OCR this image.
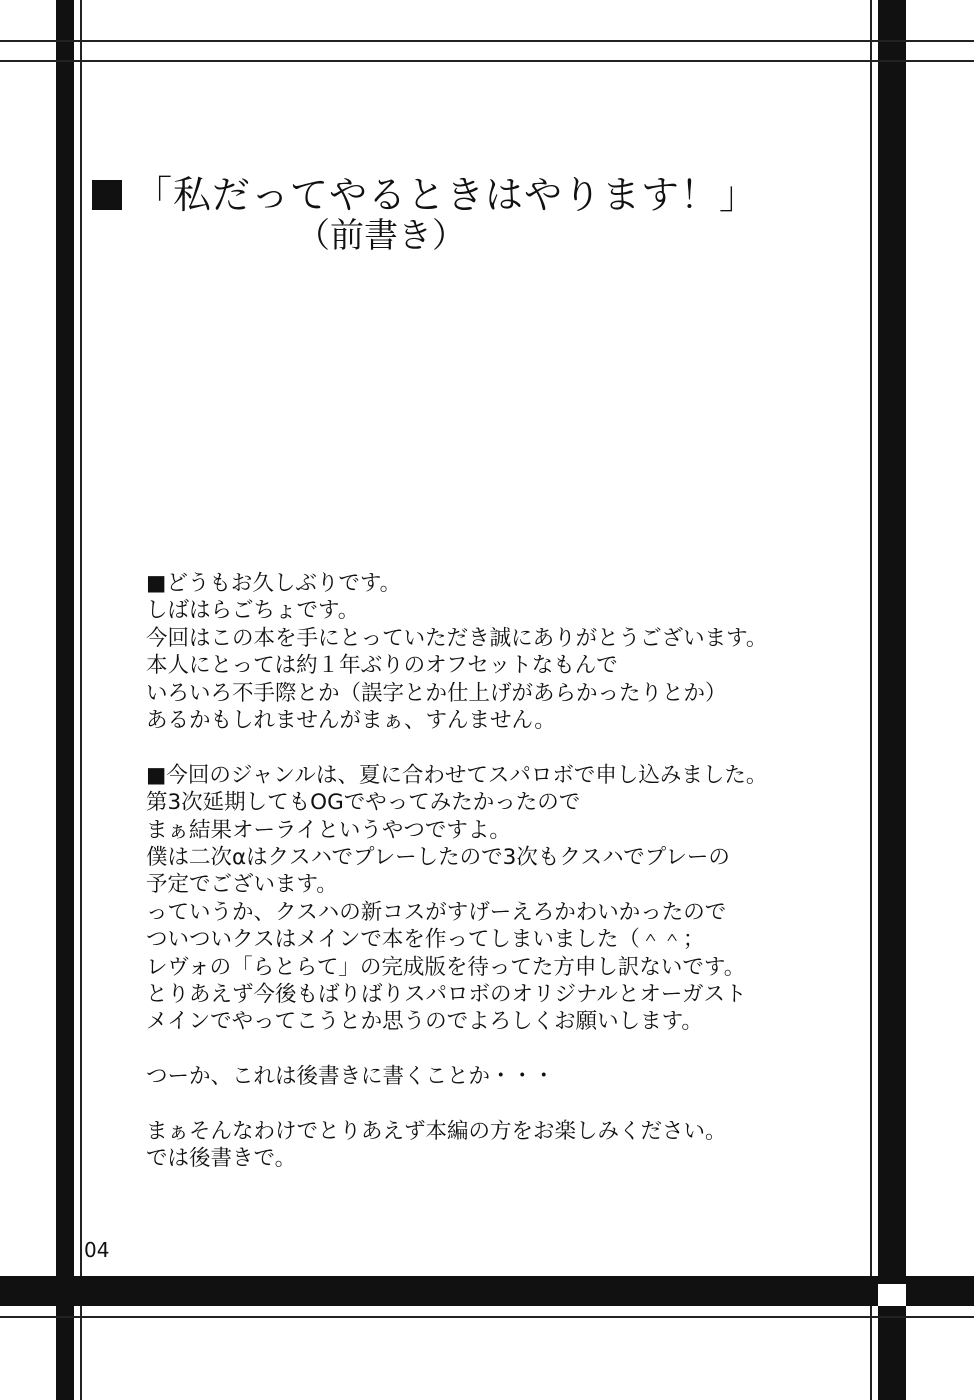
「私だってやるときはやります！」
（前書き）

■どうもお久しぶりです。

しばはらごちょです。

今回はこの本を手にとっていただき誠にありがとうございます。

本人にとっては約１年ぶりのオフセットなもんで

いろいろ不手際とか（誤字とか仕上げがあらかったりとか）

あるかもしれませんがまぁ、すんません。

■今回のジャンルは、夏に合わせてスパロボで申し込みました。

第3次延期してもOGでやってみたかったので

まぁ結果オーライというやつですよ。

僕は二次αはクスハでプレーしたので3次もクスハでプレーの

予定でございます。

っていうか、クスハの新コスがすげーえろかわいかったので

ついついクスはメインで本を作ってしまいました（＾＾；

レヴォの「らとらて」の完成版を待ってた方申し訳ないです。

とりあえず今後もばりばりスパロボのオリジナルとオーガスト

メインでやってこうとか思うのでよろしくお願いします。

つーか、これは後書きに書くことか・・・

まぁそんなわけでとりあえず本編の方をお楽しみください。

では後書きで。

04
